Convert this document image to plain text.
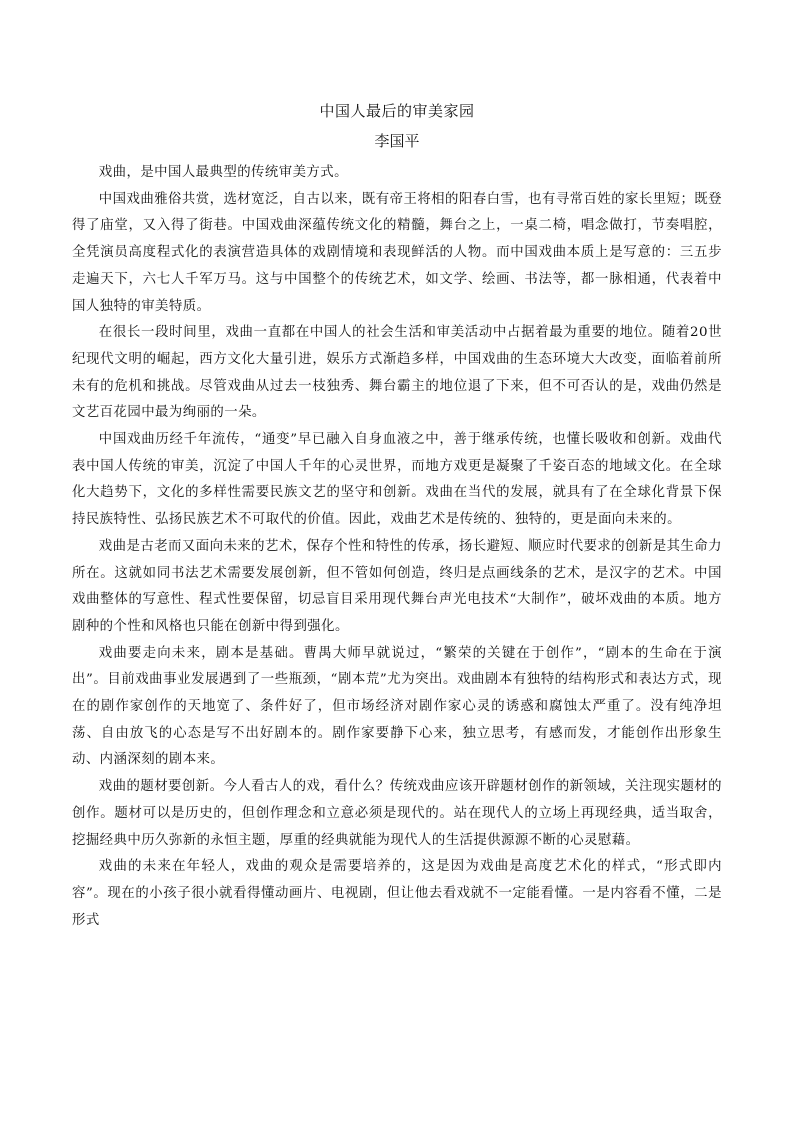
中国人最后的审美家园
李国平

戏曲，是中国人最典型的传统审美方式。

中国戏曲雅俗共赏，选材宽泛，自古以来，既有帝王将相的阳春白雪，也有寻常百姓的家长里短；既登得了庙堂，又入得了街巷。中国戏曲深蕴传统文化的精髓，舞台之上，一桌二椅，唱念做打，节奏唱腔，全凭演员高度程式化的表演营造具体的戏剧情境和表现鲜活的人物。而中国戏曲本质上是写意的：三五步走遍天下，六七人千军万马。这与中国整个的传统艺术，如文学、绘画、书法等，都一脉相通，代表着中国人独特的审美特质。

在很长一段时间里，戏曲一直都在中国人的社会生活和审美活动中占据着最为重要的地位。随着20世纪现代文明的崛起，西方文化大量引进，娱乐方式渐趋多样，中国戏曲的生态环境大大改变，面临着前所未有的危机和挑战。尽管戏曲从过去一枝独秀、舞台霸主的地位退了下来，但不可否认的是，戏曲仍然是文艺百花园中最为绚丽的一朵。

中国戏曲历经千年流传，“通变”早已融入自身血液之中，善于继承传统，也懂长吸收和创新。戏曲代表中国人传统的审美，沉淀了中国人千年的心灵世界，而地方戏更是凝聚了千姿百态的地域文化。在全球化大趋势下，文化的多样性需要民族文艺的坚守和创新。戏曲在当代的发展，就具有了在全球化背景下保持民族特性、弘扬民族艺术不可取代的价值。因此，戏曲艺术是传统的、独特的，更是面向未来的。

戏曲是古老而又面向未来的艺术，保存个性和特性的传承，扬长避短、顺应时代要求的创新是其生命力所在。这就如同书法艺术需要发展创新，但不管如何创造，终归是点画线条的艺术，是汉字的艺术。中国戏曲整体的写意性、程式性要保留，切忌盲目采用现代舞台声光电技术“大制作”，破坏戏曲的本质。地方剧种的个性和风格也只能在创新中得到强化。

戏曲要走向未来，剧本是基础。曹禺大师早就说过，“繁荣的关键在于创作”，“剧本的生命在于演出”。目前戏曲事业发展遇到了一些瓶颈，“剧本荒”尤为突出。戏曲剧本有独特的结构形式和表达方式，现在的剧作家创作的天地宽了、条件好了，但市场经济对剧作家心灵的诱惑和腐蚀太严重了。没有纯净坦荡、自由放飞的心态是写不出好剧本的。剧作家要静下心来，独立思考，有感而发，才能创作出形象生动、内涵深刻的剧本来。

戏曲的题材要创新。今人看古人的戏，看什么？传统戏曲应该开辟题材创作的新领域，关注现实题材的创作。题材可以是历史的，但创作理念和立意必须是现代的。站在现代人的立场上再现经典，适当取舍，挖掘经典中历久弥新的永恒主题，厚重的经典就能为现代人的生活提供源源不断的心灵慰藉。

戏曲的未来在年轻人，戏曲的观众是需要培养的，这是因为戏曲是高度艺术化的样式，“形式即内容”。现在的小孩子很小就看得懂动画片、电视剧，但让他去看戏就不一定能看懂。一是内容看不懂，二是形式
